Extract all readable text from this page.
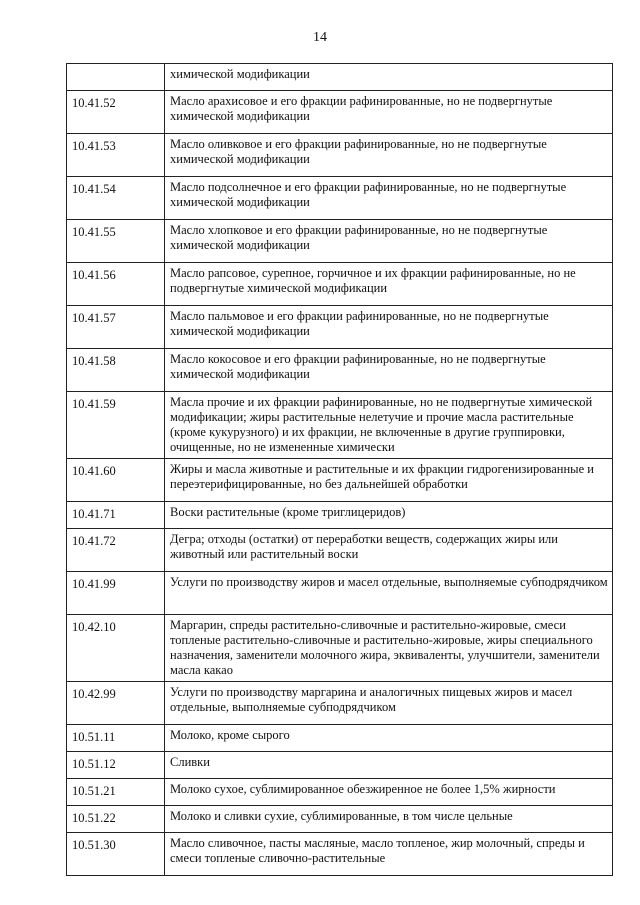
14
	химической модификации
10.41.52	Масло арахисовое и его фракции рафинированные, но не подвергнутые химической модификации
10.41.53	Масло оливковое и его фракции рафинированные, но не подвергнутые химической модификации
10.41.54	Масло подсолнечное и его фракции рафинированные, но не подвергнутые химической модификации
10.41.55	Масло хлопковое и его фракции рафинированные, но не подвергнутые химической модификации
10.41.56	Масло рапсовое, сурепное, горчичное и их фракции рафинированные, но не подвергнутые химической модификации
10.41.57	Масло пальмовое и его фракции рафинированные, но не подвергнутые химической модификации
10.41.58	Масло кокосовое и его фракции рафинированные, но не подвергнутые химической модификации
10.41.59	Масла прочие и их фракции рафинированные, но не подвергнутые химической модификации; жиры растительные нелетучие и прочие масла растительные (кроме кукурузного) и их фракции, не включенные в другие группировки, очищенные, но не измененные химически
10.41.60	Жиры и масла животные и растительные и их фракции гидрогенизированные и переэтерифицированные, но без дальнейшей обработки
10.41.71	Воски растительные (кроме триглицеридов)
10.41.72	Дегра; отходы (остатки) от переработки веществ, содержащих жиры или животный или растительный воски
10.41.99	Услуги по производству жиров и масел отдельные, выполняемые субподрядчиком
10.42.10	Маргарин, спреды растительно-сливочные и растительно-жировые, смеси топленые растительно-сливочные и растительно-жировые, жиры специального назначения, заменители молочного жира, эквиваленты, улучшители, заменители масла какао
10.42.99	Услуги по производству маргарина и аналогичных пищевых жиров и масел отдельные, выполняемые субподрядчиком
10.51.11	Молоко, кроме сырого
10.51.12	Сливки
10.51.21	Молоко сухое, сублимированное обезжиренное не более 1,5% жирности
10.51.22	Молоко и сливки сухие, сублимированные, в том числе цельные
10.51.30	Масло сливочное, пасты масляные, масло топленое, жир молочный, спреды и смеси топленые сливочно-растительные
